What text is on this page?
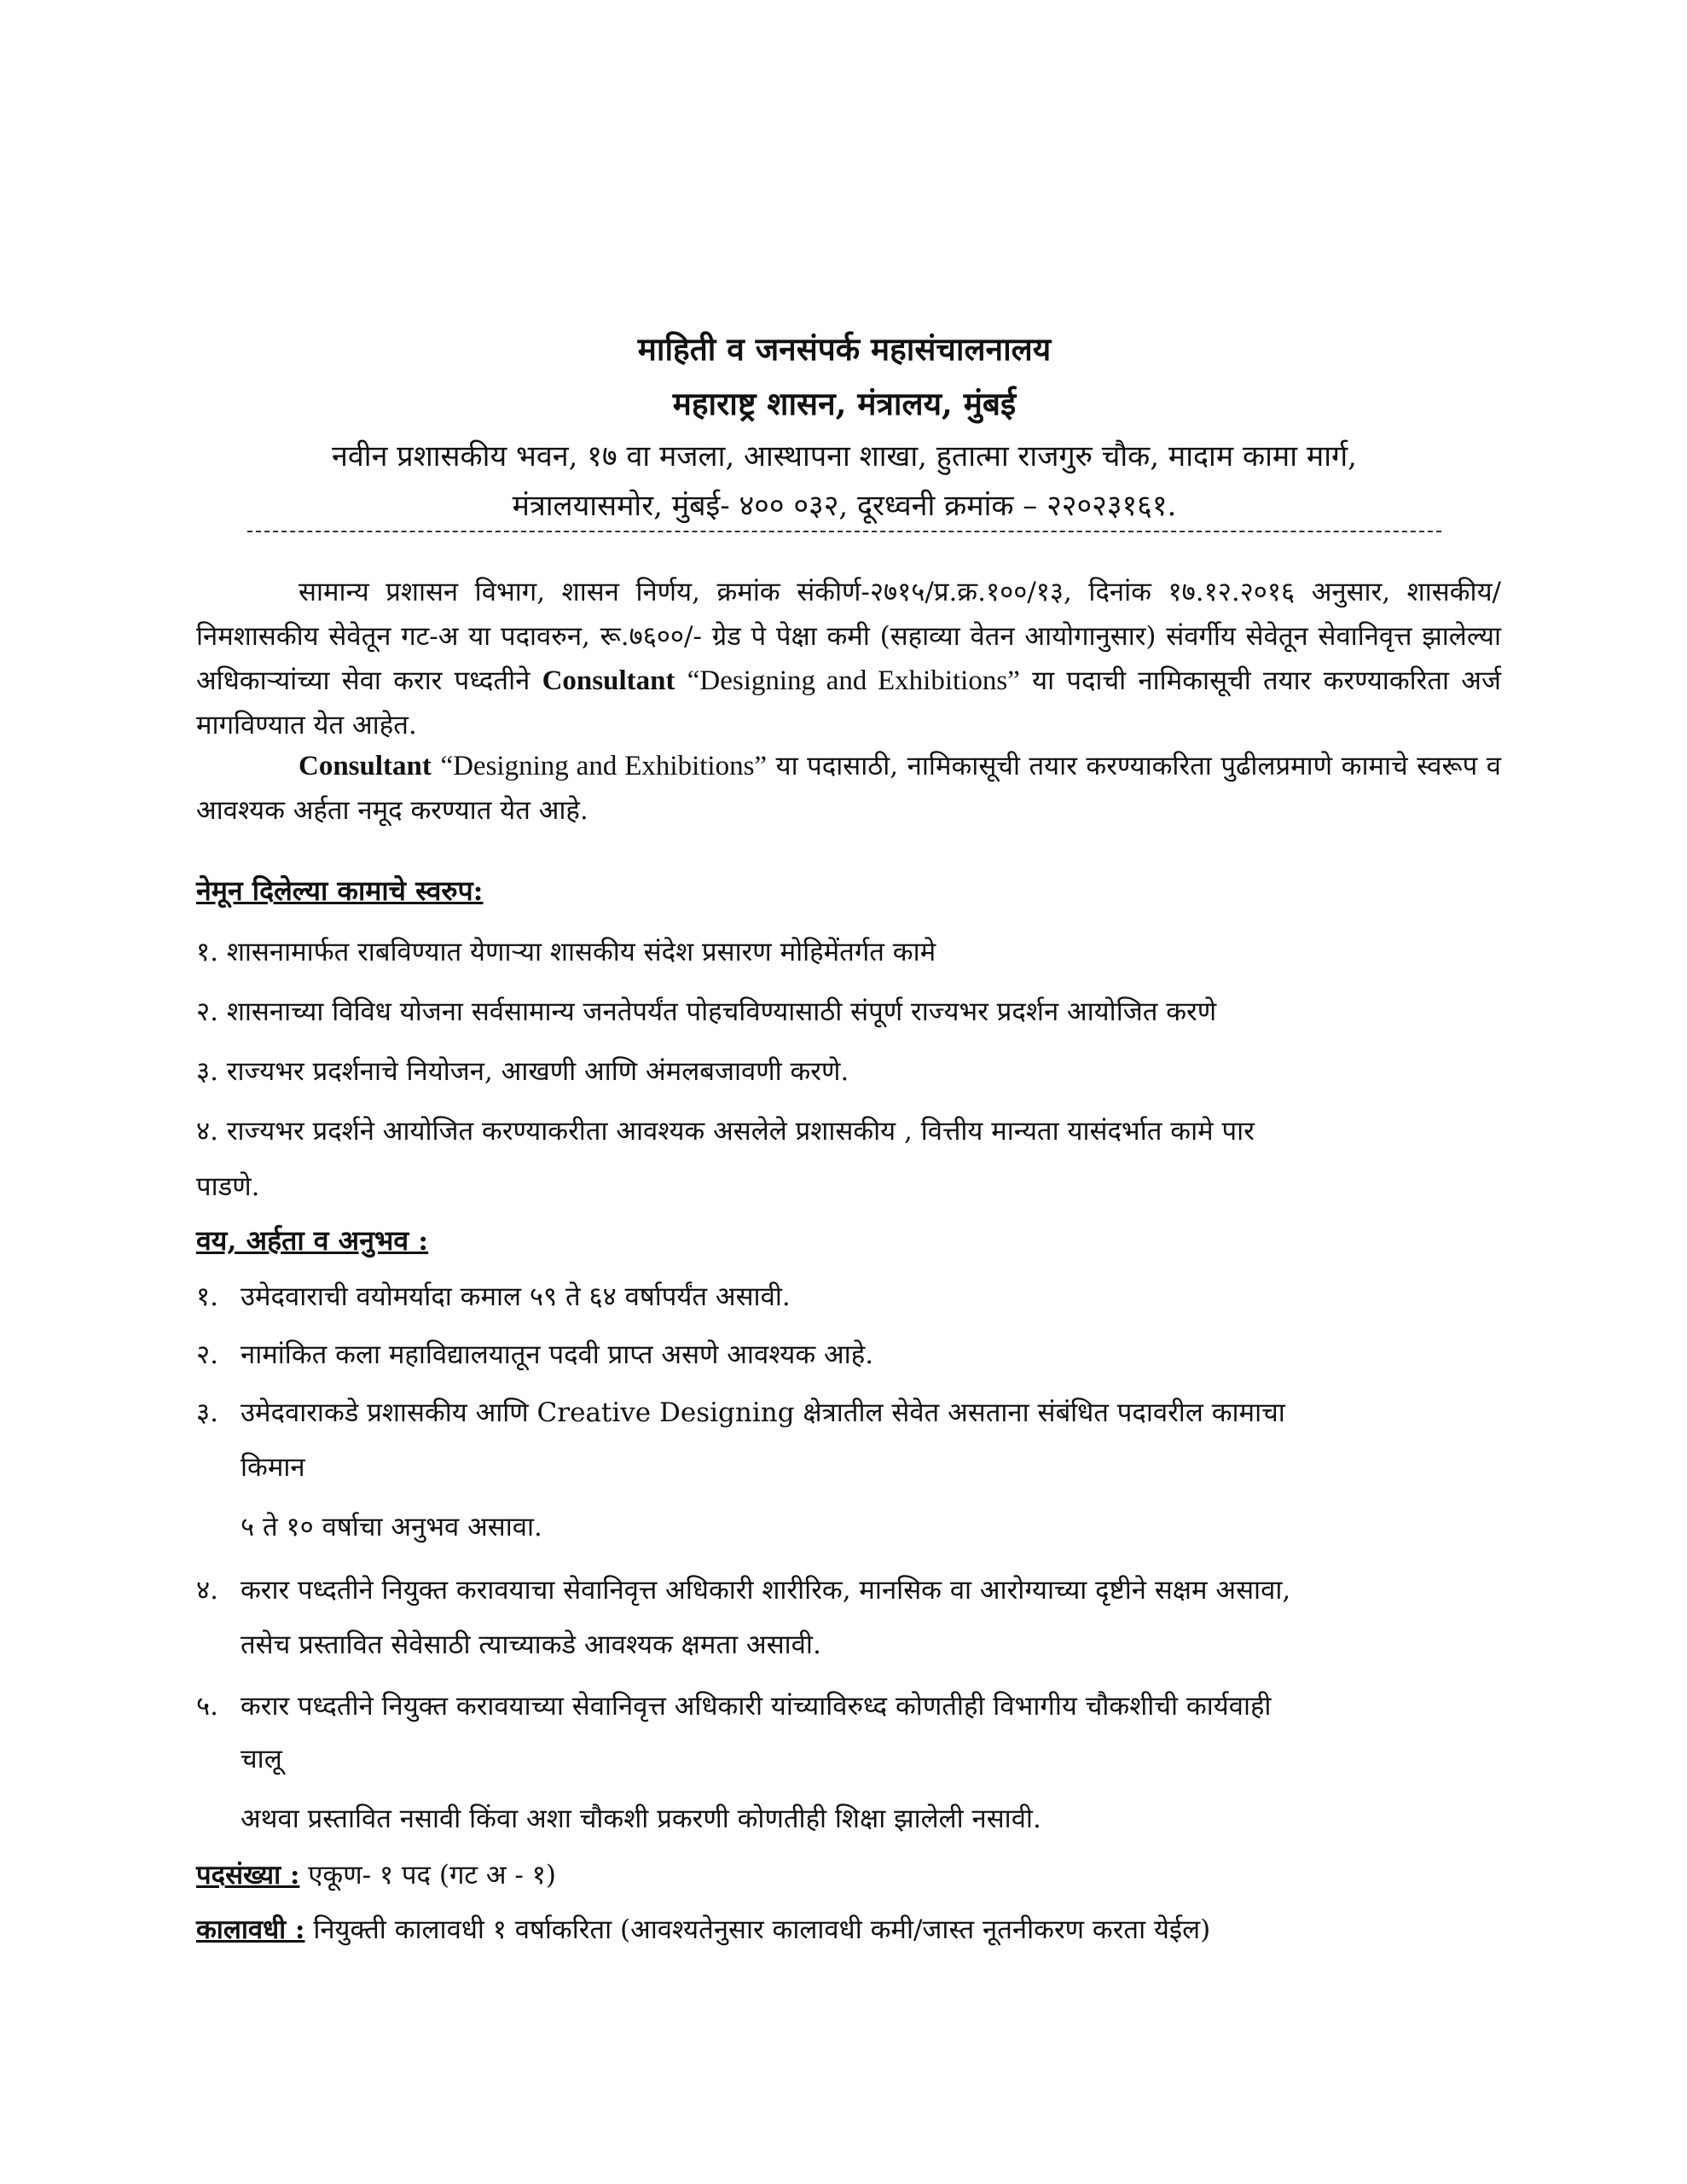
माहिती व जनसंपर्क महासंचालनालय
महाराष्ट्र शासन, मंत्रालय, मुंबई
नवीन प्रशासकीय भवन, १७ वा मजला, आस्थापना शाखा, हुतात्मा राजगुरु चौक, मादाम कामा मार्ग,
मंत्रालयासमोर, मुंबई- ४०० ०३२, दूरध्वनी क्रमांक – २२०२३१६१.
सामान्य प्रशासन विभाग, शासन निर्णय, क्रमांक संकीर्ण-२७१५/प्र.क्र.१००/१३, दिनांक १७.१२.२०१६ अनुसार, शासकीय/निमशासकीय सेवेतून गट-अ या पदावरुन, रू.७६००/- ग्रेड पे पेक्षा कमी (सहाव्या वेतन आयोगानुसार) संवर्गीय सेवेतून सेवानिवृत्त झालेल्या अधिकाऱ्यांच्या सेवा करार पध्दतीने Consultant “Designing and Exhibitions” या पदाची नामिकासूची तयार करण्याकरिता अर्ज मागविण्यात येत आहेत.
Consultant “Designing and Exhibitions” या पदासाठी, नामिकासूची तयार करण्याकरिता पुढीलप्रमाणे कामाचे स्वरूप व आवश्यक अर्हता नमूद करण्यात येत आहे.
नेमून दिलेल्या कामाचे स्वरुप:
१. शासनामार्फत राबविण्यात येणाऱ्या शासकीय संदेश प्रसारण मोहिमेंतर्गत कामे
२. शासनाच्या विविध योजना सर्वसामान्य जनतेपर्यंत पोहचविण्यासाठी संपूर्ण राज्यभर प्रदर्शन आयोजित करणे
३. राज्यभर प्रदर्शनाचे नियोजन, आखणी आणि अंमलबजावणी करणे.
४. राज्यभर प्रदर्शने आयोजित करण्याकरीता आवश्यक असलेले प्रशासकीय , वित्तीय मान्यता यासंदर्भात कामे पार
पाडणे.
वय, अर्हता व अनुभव :
१. उमेदवाराची वयोमर्यादा कमाल ५९ ते ६४ वर्षापर्यंत असावी.
२. नामांकित कला महाविद्यालयातून पदवी प्राप्त असणे आवश्यक आहे.
३. उमेदवाराकडे प्रशासकीय आणि Creative Designing क्षेत्रातील सेवेत असताना संबंधित पदावरील कामाचा
किमान
५ ते १० वर्षाचा अनुभव असावा.
४. करार पध्दतीने नियुक्त करावयाचा सेवानिवृत्त अधिकारी शारीरिक, मानसिक वा आरोग्याच्या दृष्टीने सक्षम असावा,
तसेच प्रस्तावित सेवेसाठी त्याच्याकडे आवश्यक क्षमता असावी.
५. करार पध्दतीने नियुक्त करावयाच्या सेवानिवृत्त अधिकारी यांच्याविरुध्द कोणतीही विभागीय चौकशीची कार्यवाही
चालू
अथवा प्रस्तावित नसावी किंवा अशा चौकशी प्रकरणी कोणतीही शिक्षा झालेली नसावी.
पदसंख्या : एकूण- १ पद (गट अ - १)
कालावधी : नियुक्ती कालावधी १ वर्षाकरिता (आवश्यतेनुसार कालावधी कमी/जास्त नूतनीकरण करता येईल)
